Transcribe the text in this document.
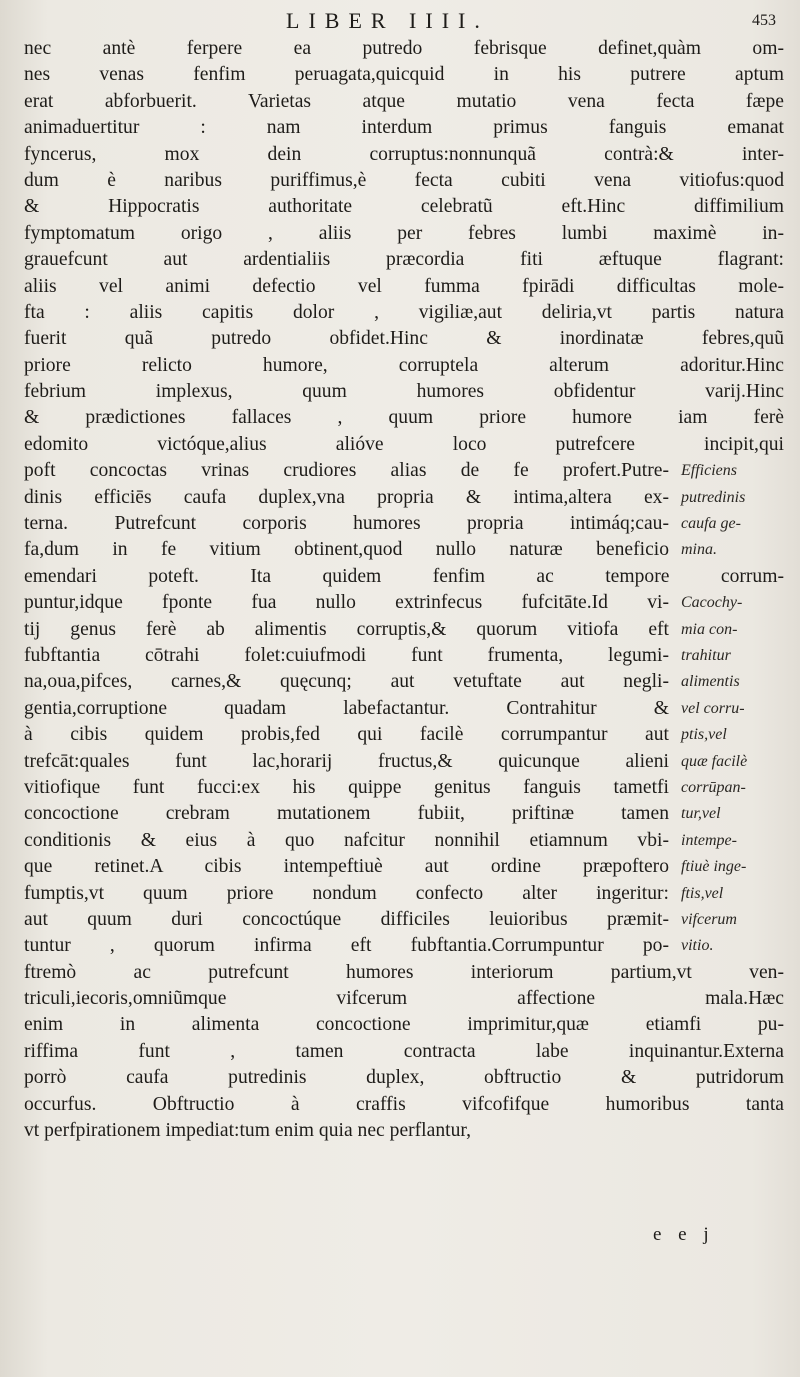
LIBER IIII.	453
nec antè ferpere ea putredo febrisque definet,quàm om-
nes venas fenfim peruagata,quicquid in his putrere aptum
erat abforbuerit. Varietas atque mutatio vena fecta fæpe
animaduertitur : nam interdum primus fanguis emanat
fyncerus, mox dein corruptus:nonnunquã contrà:& inter-
dum è naribus puriffimus,è fecta cubiti vena vitiofus:quod
& Hippocratis authoritate celebratũ eft.Hinc diffimilium
fymptomatum origo , aliis per febres lumbi maximè in-
grauefcunt aut ardentialiis præcordia fiti æftuque flagrant:
aliis vel animi defectio vel fumma fpirādi difficultas mole-
fta : aliis capitis dolor , vigiliæ,aut deliria,vt partis natura
fuerit quã putredo obfidet.Hinc & inordinatæ febres,quũ
priore relicto humore, corruptela alterum adoritur.Hinc
febrium implexus, quum humores obfidentur varij.Hinc
& prædictiones fallaces , quum priore humore iam ferè
edomito victóque,alius alióve loco putrefcere incipit,qui
poft concoctas vrinas crudiores alias de fe profert.Putre- Efficiens
dinis efficiēs caufa duplex,vna propria & intima,altera ex- putredinis
terna. Putrefcunt corporis humores propria intimáq;cau- caufa ge-
fa,dum in fe vitium obtinent,quod nullo naturæ beneficio mina.
emendari poteft. Ita quidem fenfim ac tempore corrum-
puntur,idque fponte fua nullo extrinfecus fufcitāte.Id vi- Cacochy-
tij genus ferè ab alimentis corruptis,& quorum vitiofa eft mia con-
fubftantia cōtrahi folet:cuiufmodi funt frumenta, legumi- trahitur
na,oua,pifces, carnes,& quęcunq; aut vetuftate aut negli- alimentis
gentia,corruptione quadam labefactantur. Contrahitur & vel corru-
à cibis quidem probis,fed qui facilè corrumpantur aut ptis,vel
trefcāt:quales funt lac,horarij fructus,& quicunque alieni quæ facilè
vitiofique funt fucci:ex his quippe genitus fanguis tametfi corrūpan-
concoctione crebram mutationem fubiit, priftinæ tamen tur,vel
conditionis & eius à quo nafcitur nonnihil etiamnum vbi- intempe-
que retinet.A cibis intempeftiuè aut ordine præpoftero ftiuè inge-
fumptis,vt quum priore nondum confecto alter ingeritur: ftis,vel
aut quum duri concoctúque difficiles leuioribus præmit- vifcerum
tuntur , quorum infirma eft fubftantia.Corrumpuntur po- vitio.
ftremò ac putrefcunt humores interiorum partium,vt ven-
triculi,iecoris,omniũmque vifcerum affectione mala.Hæc
enim in alimenta concoctione imprimitur,quæ etiamfi pu-
riffima funt , tamen contracta labe inquinantur.Externa
porrò caufa putredinis duplex, obftructio & putridorum
occurfus. Obftructio à craffis vifcofifque humoribus tanta
vt perfpirationem impediat:tum enim quia nec perflantur,
e e j
